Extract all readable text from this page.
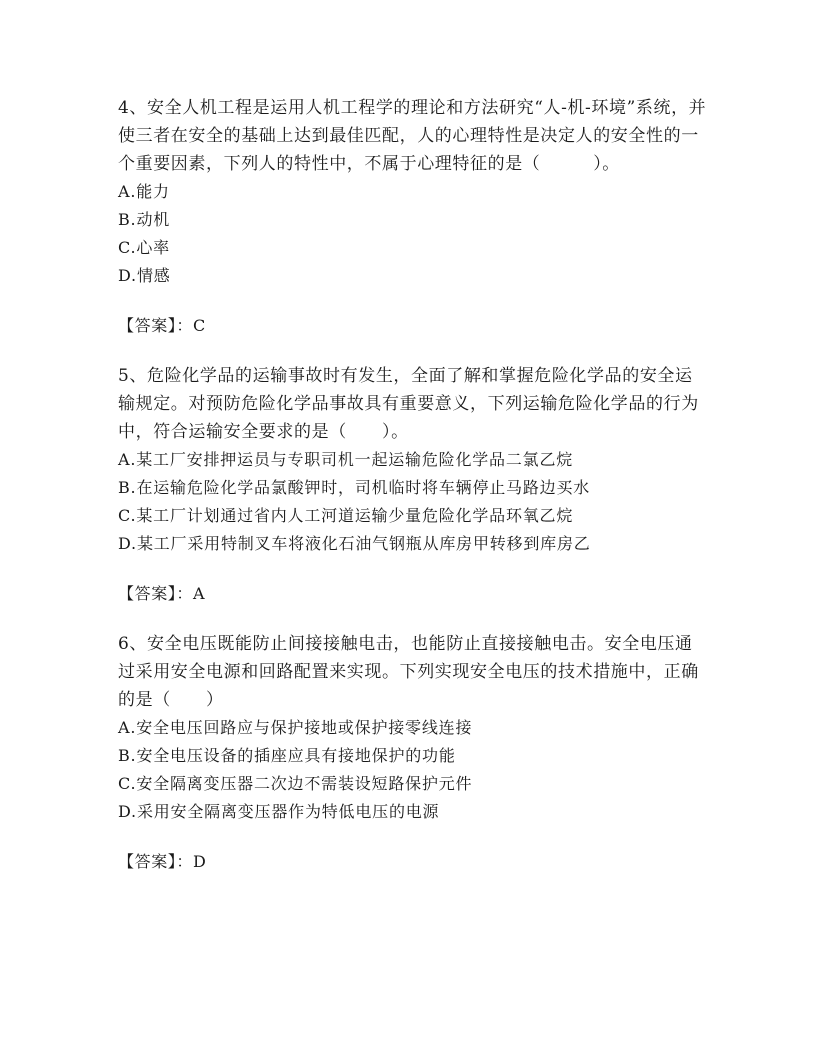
4、安全人机工程是运用人机工程学的理论和方法研究“人-机-环境”系统，并使三者在安全的基础上达到最佳匹配，人的心理特性是决定人的安全性的一个重要因素，下列人的特性中，不属于心理特征的是（　　　）。

A.能力

B.动机

C.心率

D.情感

【答案】：C

5、危险化学品的运输事故时有发生，全面了解和掌握危险化学品的安全运输规定。对预防危险化学品事故具有重要意义，下列运输危险化学品的行为中，符合运输安全要求的是（　　）。

A.某工厂安排押运员与专职司机一起运输危险化学品二氯乙烷

B.在运输危险化学品氯酸钾时，司机临时将车辆停止马路边买水

C.某工厂计划通过省内人工河道运输少量危险化学品环氧乙烷

D.某工厂采用特制叉车将液化石油气钢瓶从库房甲转移到库房乙

【答案】：A

6、安全电压既能防止间接接触电击，也能防止直接接触电击。安全电压通过采用安全电源和回路配置来实现。下列实现安全电压的技术措施中，正确的是（　　）

A.安全电压回路应与保护接地或保护接零线连接

B.安全电压设备的插座应具有接地保护的功能

C.安全隔离变压器二次边不需装设短路保护元件

D.采用安全隔离变压器作为特低电压的电源

【答案】：D
